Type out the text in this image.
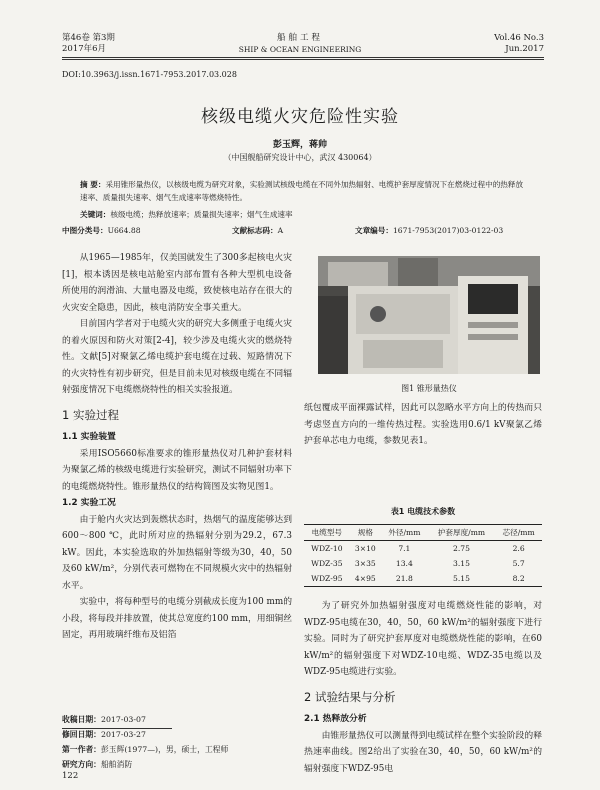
第46卷 第3期
2017年6月
船舶工程
SHIP & OCEAN ENGINEERING
Vol.46 No.3
Jun.2017
DOI:10.3963/j.issn.1671-7953.2017.03.028
核级电缆火灾危险性实验
彭玉辉，蒋帅
（中国舰船研究设计中心，武汉 430064）
摘 要：采用锥形量热仪，以核级电缆为研究对象，实验测试核级电缆在不同外加热辐射、电缆护套厚度情况下在燃烧过程中的热释放速率、质量损失速率、烟气生成速率等燃烧特性。
关键词：核级电缆；热释放速率；质量损失速率；烟气生成速率
中图分类号：U664.88	文献标志码：A	文章编号：1671-7953(2017)03-0122-03

从1965—1985年，仅美国就发生了300多起核电火灾[1]，根本诱因是核电站舱室内部布置有各种大型机电设备所使用的润滑油、大量电器及电缆，致使核电站存在很大的火灾安全隐患，因此，核电消防安全事关重大。

目前国内学者对于电缆火灾的研究大多侧重于电缆火灾的着火原因和防火对策[2-4]，较少涉及电缆火灾的燃烧特性。文献[5]对聚氯乙烯电缆护套电缆在过载、短路情况下的火灾特性有初步研究，但是目前未见对核级电缆在不同辐射强度情况下电缆燃烧特性的相关实验报道。

1 实验过程
1.1 实验装置

采用ISO5660标准要求的锥形量热仪对几种护套材料为聚氯乙烯的核级电缆进行实验研究，测试不同辐射功率下的电缆燃烧特性。锥形量热仪的结构简图及实物见图1。

1.2 实验工况

由于舱内火灾达到轰燃状态时，热烟气的温度能够达到600～800 ℃，此时所对应的热辐射分别为29.2，67.3 kW。因此，本实验选取的外加热辐射等级为30，40，50及60 kW/m²，分别代表可燃物在不同规模火灾中的热辐射水平。

实验中，将每种型号的电缆分别截成长度为100 mm的小段，将每段并排放置，使其总宽度约100 mm，用细铜丝固定，再用玻璃纤维布及铝箔

图1 锥形量热仪

纸包覆成平面裸露试样，因此可以忽略水平方向上的传热而只考虑竖直方向的一维传热过程。实验选用0.6/1 kV聚氯乙烯护套单芯电力电缆，参数见表1。

表1 电缆技术参数
电缆型号	规格	外径/mm	护套厚度/mm	芯径/mm
WDZ-10	3×10	7.1	2.75	2.6
WDZ-35	3×35	13.4	3.15	5.7
WDZ-95	4×95	21.8	5.15	8.2

为了研究外加热辐射强度对电缆燃烧性能的影响，对WDZ-95电缆在30，40，50，60 kW/m²的辐射强度下进行实验。同时为了研究护套厚度对电缆燃烧性能的影响，在60 kW/m²的辐射强度下对WDZ-10电缆、WDZ-35电缆以及WDZ-95电缆进行实验。

2 试验结果与分析
2.1 热释放分析

由锥形量热仪可以测量得到电缆试样在整个实验阶段的释热速率曲线。图2给出了实验在30，40，50，60 kW/m²的辐射强度下WDZ-95电

收稿日期：2017-03-07
修回日期：2017-03-27
第一作者：彭玉辉(1977—)，男，硕士，工程师
研究方向：船舶消防
122
